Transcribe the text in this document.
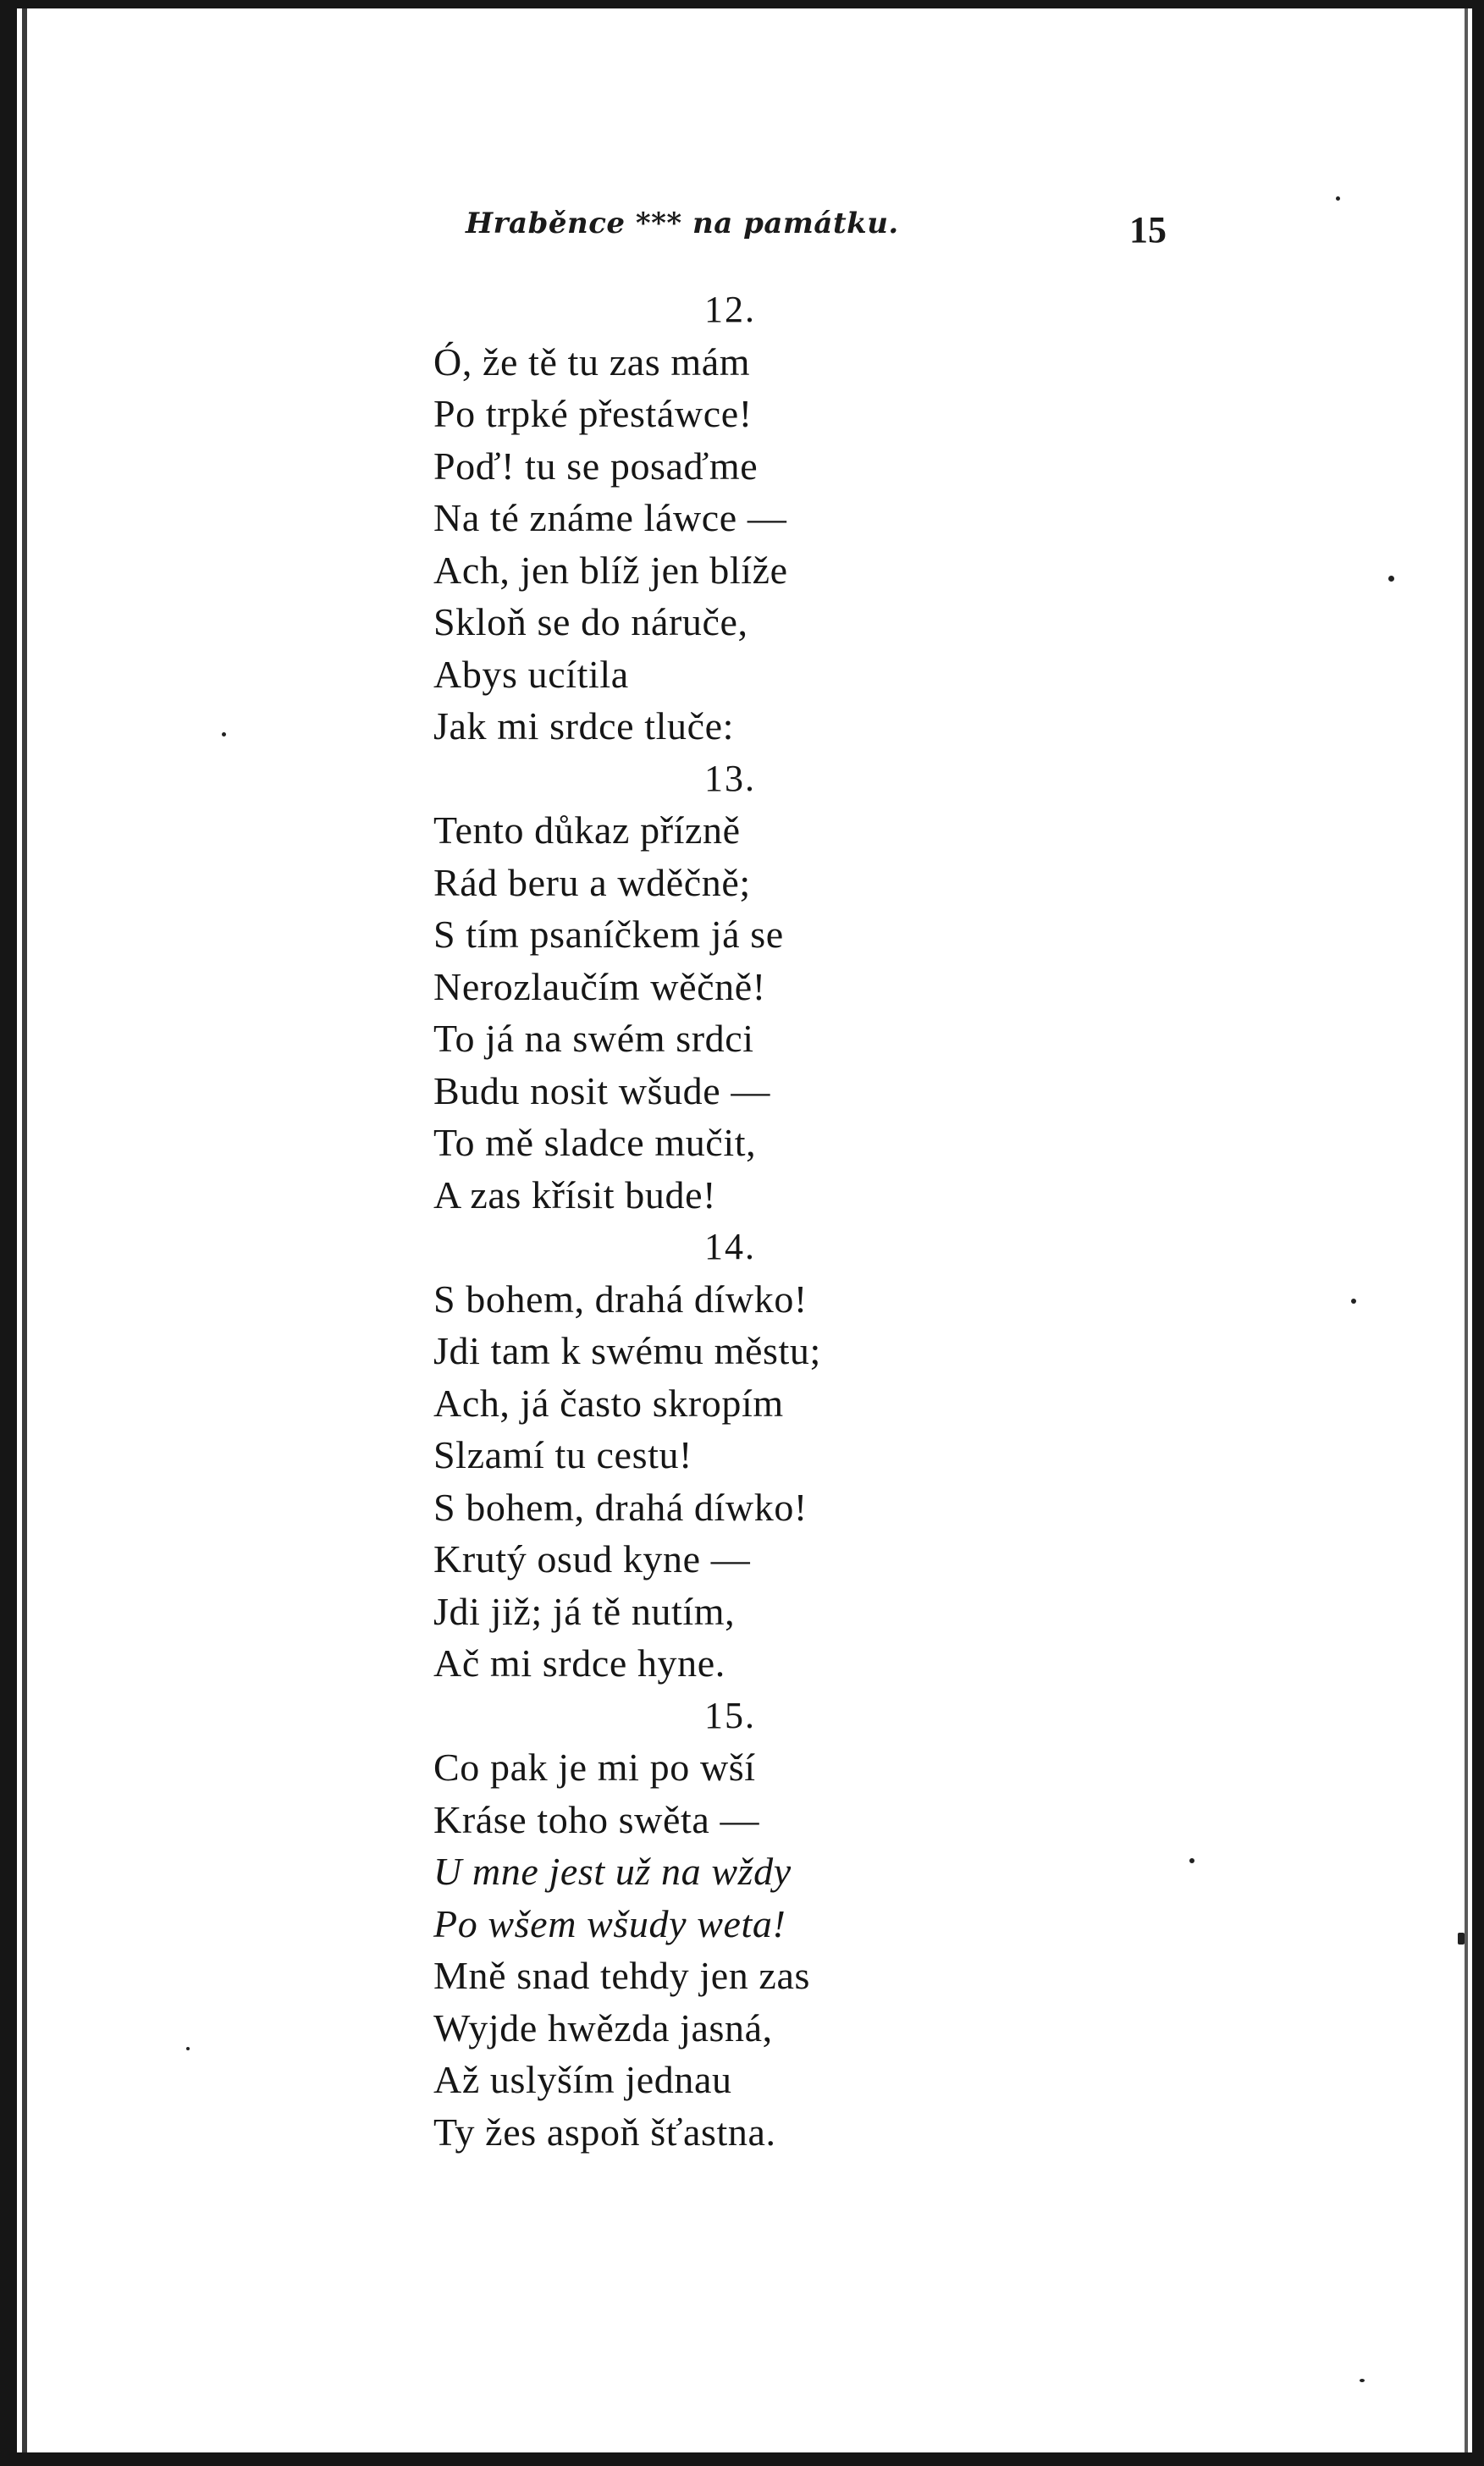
Hraběnce *** na památku.	15
12.
Ó, že tě tu zas mám
Po trpké přestáwce!
Poď! tu se posaďme
Na té známe láwce —
Ach, jen blíž jen blíže
Skloň se do náruče,
Abys ucítila
Jak mi srdce tluče:
13.
Tento důkaz přízně
Rád beru a wděčně;
S tím psaníčkem já se
Nerozlaučím wěčně!
To já na swém srdci
Budu nosit wšude —
To mě sladce mučit,
A zas křísit bude!
14.
S bohem, drahá díwko!
Jdi tam k swému městu;
Ach, já často skropím
Slzamí tu cestu!
S bohem, drahá díwko!
Krutý osud kyne —
Jdi již; já tě nutím,
Ač mi srdce hyne.
15.
Co pak je mi po wší
Kráse toho swěta —
U mne jest už na wždy
Po wšem wšudy weta!
Mně snad tehdy jen zas
Wyjde hwězda jasná,
Až uslyším jednau
Ty žes aspoň šťastna.
